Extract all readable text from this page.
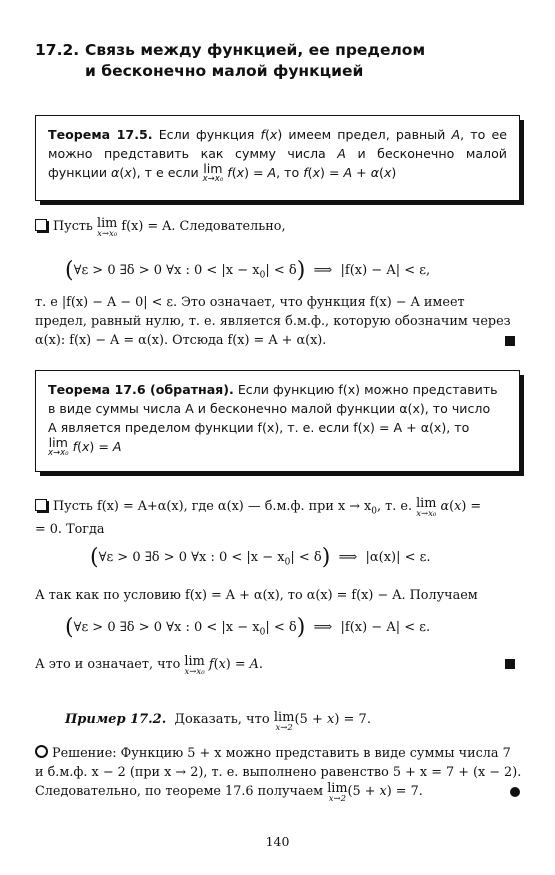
17.2. Связь между функцией, ее пределом
и бесконечно малой функцией
Теорема 17.5. Если функция f(x) имеем предел, равный A, то ее можно представить как сумму числа A и бесконечно малой функции α(x), т е если lim
x→x₀ f(x) = A, то f(x) = A + α(x)
Пусть lim
x→x₀ f(x) = A. Следовательно,
(∀ε > 0 ∃δ > 0 ∀x : $0 < |x - x_0| < \delta$) ⟹ |f(x) − A| < ε,
т. е |f(x) − A − 0| < ε. Это означает, что функция f(x) − A имеет
предел, равный нулю, т. е. является б.м.ф., которую обозначим через
α(x): f(x) − A = α(x). Отсюда f(x) = A + α(x).
Теорема 17.6 (обратная). Если функцию f(x) можно представить
в виде суммы числа A и бесконечно малой функции α(x), то число
A является пределом функции f(x), т. е. если f(x) = A + α(x), то
lim
x→x₀ f(x) = A
Пусть f(x) = A+α(x), где α(x) — б.м.ф. при $x \to x_0$, т. е. lim
x→x₀ α(x) =
= 0. Тогда
(∀ε > 0 ∃δ > 0 ∀x : $0 < |x - x_0| < \delta$) ⟹ |α(x)| < ε.
А так как по условию f(x) = A + α(x), то α(x) = f(x) − A. Получаем
(∀ε > 0 ∃δ > 0 ∀x : $0 < |x - x_0| < \delta$) ⟹ |f(x) − A| < ε.
А это и означает, что lim
x→x₀ f(x) = A.
Пример 17.2. Доказать, что lim
x→2
(5 + x) = 7.
Решение: Функцию 5 + x можно представить в виде суммы числа 7
и б.м.ф. x − 2 (при x → 2), т. е. выполнено равенство 5 + x = 7 + (x − 2).
Следовательно, по теореме 17.6 получаем lim
x→2 (5 + x) = 7.
140
